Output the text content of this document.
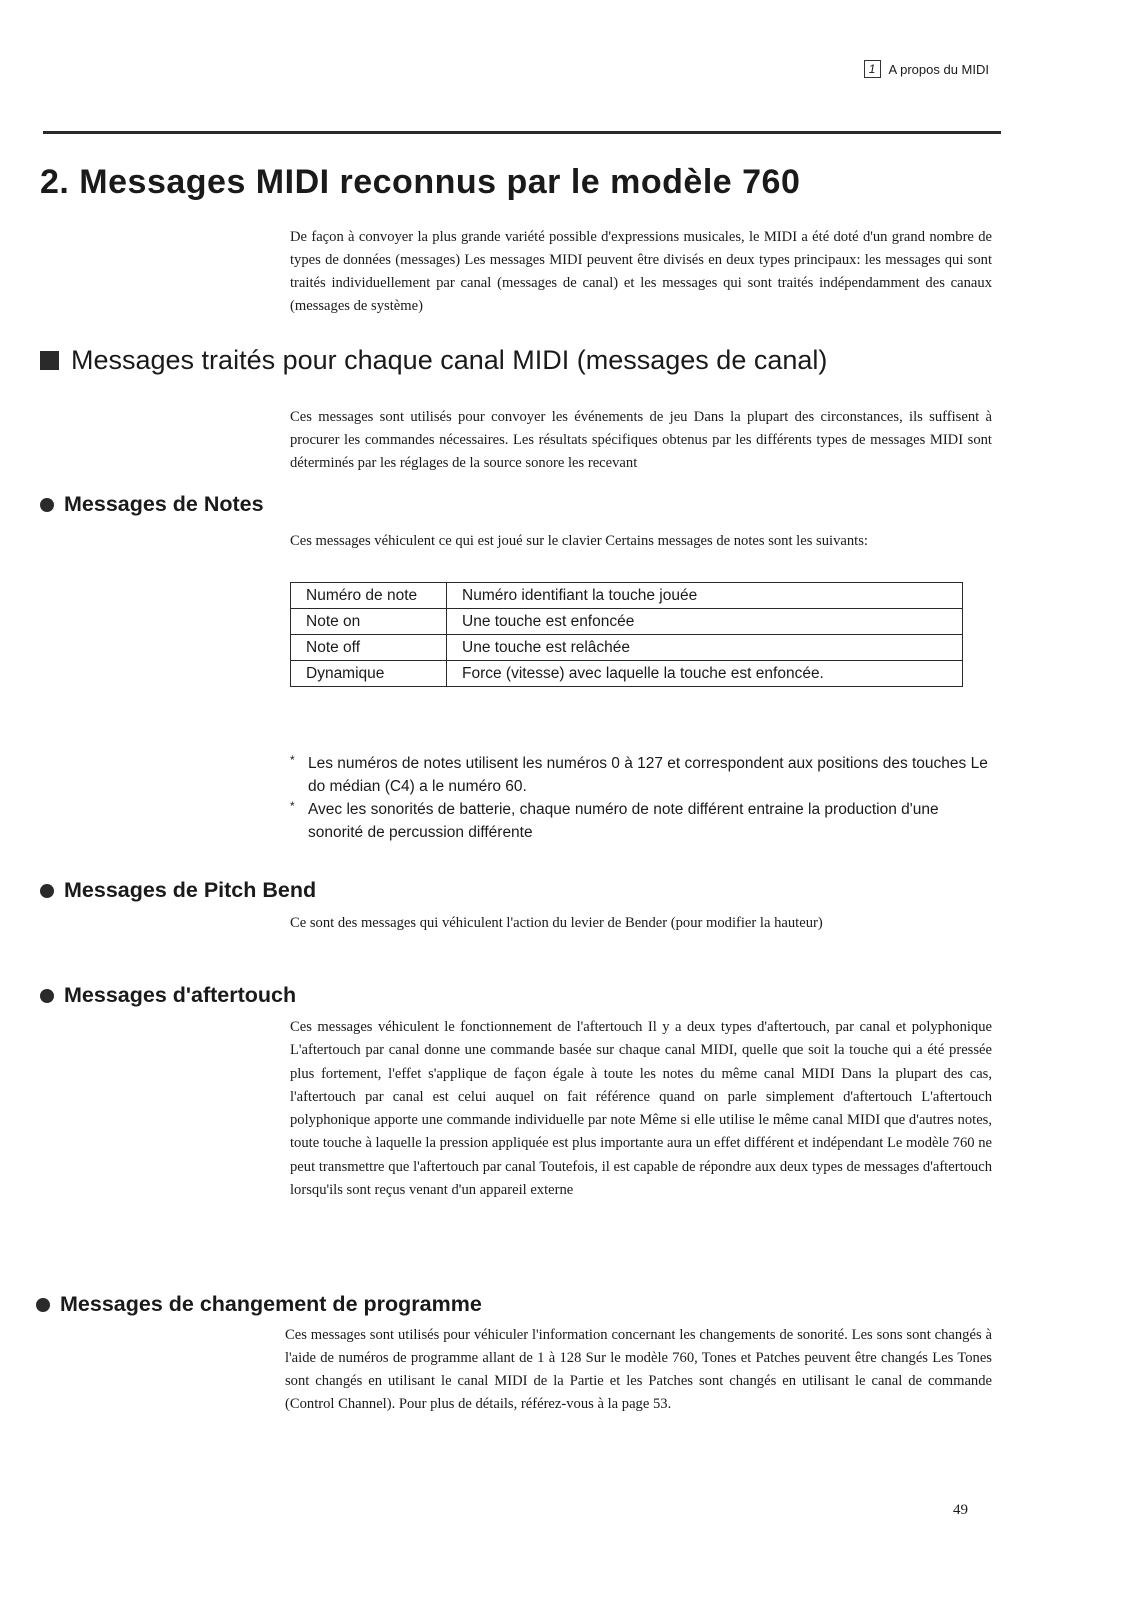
1	A propos du MIDI
2. Messages MIDI reconnus par le modèle 760

De façon à convoyer la plus grande variété possible d'expressions musicales, le MIDI a été doté d'un grand nombre de types de données (messages) Les messages MIDI peuvent être divisés en deux types principaux: les messages qui sont traités individuellement par canal (messages de canal) et les messages qui sont traités indépendamment des canaux (messages de système)

Messages traités pour chaque canal MIDI (messages de canal)

Ces messages sont utilisés pour convoyer les événements de jeu Dans la plupart des circonstances, ils suffisent à procurer les commandes nécessaires. Les résultats spécifiques obtenus par les différents types de messages MIDI sont déterminés par les réglages de la source sonore les recevant

Messages de Notes

Ces messages véhiculent ce qui est joué sur le clavier Certains messages de notes sont les suivants:

Numéro de note	Numéro identifiant la touche jouée
Note on	Une touche est enfoncée
Note off	Une touche est relâchée
Dynamique	Force (vitesse) avec laquelle la touche est enfoncée.
* Les numéros de notes utilisent les numéros 0 à 127 et correspondent aux positions des touches Le do médian (C4) a le numéro 60.
* Avec les sonorités de batterie, chaque numéro de note différent entraine la production d'une sonorité de percussion différente
Messages de Pitch Bend

Ce sont des messages qui véhiculent l'action du levier de Bender (pour modifier la hauteur)

Messages d'aftertouch

Ces messages véhiculent le fonctionnement de l'aftertouch Il y a deux types d'aftertouch, par canal et polyphonique L'aftertouch par canal donne une commande basée sur chaque canal MIDI, quelle que soit la touche qui a été pressée plus fortement, l'effet s'applique de façon égale à toute les notes du même canal MIDI Dans la plupart des cas, l'aftertouch par canal est celui auquel on fait référence quand on parle simplement d'aftertouch L'aftertouch polyphonique apporte une commande individuelle par note Même si elle utilise le même canal MIDI que d'autres notes, toute touche à laquelle la pression appliquée est plus importante aura un effet différent et indépendant Le modèle 760 ne peut transmettre que l'aftertouch par canal Toutefois, il est capable de répondre aux deux types de messages d'aftertouch lorsqu'ils sont reçus venant d'un appareil externe

Messages de changement de programme

Ces messages sont utilisés pour véhiculer l'information concernant les changements de sonorité. Les sons sont changés à l'aide de numéros de programme allant de 1 à 128 Sur le modèle 760, Tones et Patches peuvent être changés Les Tones sont changés en utilisant le canal MIDI de la Partie et les Patches sont changés en utilisant le canal de commande (Control Channel). Pour plus de détails, référez-vous à la page 53.

49
